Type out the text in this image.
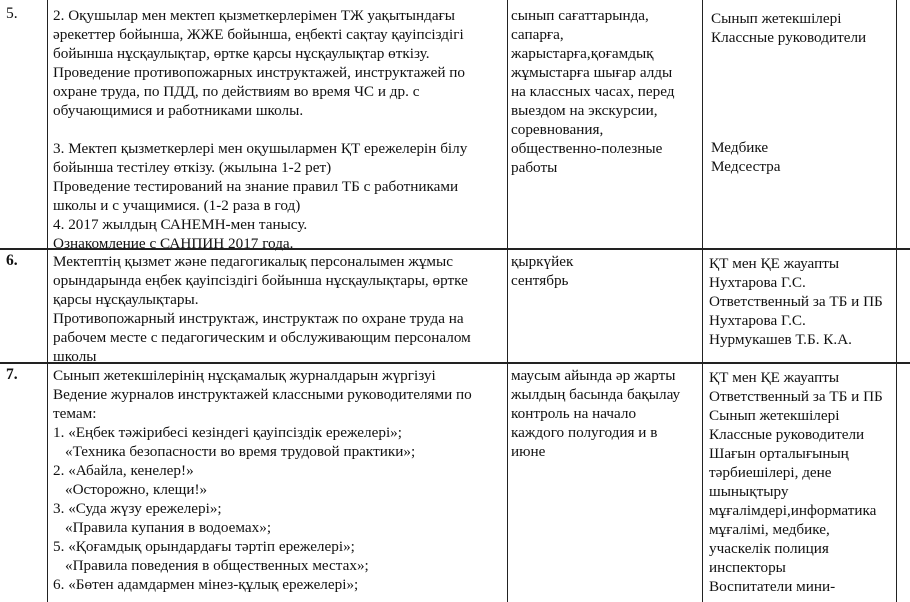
5. 2. Оқушылар мен мектеп қызметкерлерімен ТЖ уақытындағы
әрекеттер бойынша, ЖЖЕ бойынша, еңбекті сақтау қауіпсіздігі
бойынша нұсқаулықтар, өртке қарсы нұсқаулықтар өткізу.
Проведение противопожарных инструктажей, инструктажей по
охране труда, по ПДД, по действиям во время ЧС и др. с
обучающимися и работниками школы.
3. Мектеп қызметкерлері мен оқушылармен ҚТ ережелерін білу
бойынша тестілеу өткізу. (жылына 1-2 рет)
Проведение тестирований на знание правил ТБ с работниками
школы и с учащимися. (1-2 раза в год)
4. 2017 жылдың САНЕМН-мен танысу.
Ознакомление с САНПИН 2017 года.
сынып сағаттарында,
сапарға,
жарыстарға,қоғамдық
жұмыстарға шығар алды
на классных часах, перед
выездом на экскурсии,
соревнования,
общественно-полезные
работы
Сынып жетекшілері
Классные руководители
Медбике
Медсестра
6. Мектептің қызмет және педагогикалық персоналымен жұмыс
орындарында еңбек қауіпсіздігі бойынша нұсқаулықтары, өртке
қарсы нұсқаулықтары.
Противопожарный инструктаж, инструктаж по охране труда на
рабочем месте с педагогическим и обслуживающим персоналом
школы
қыркүйек
сентябрь
ҚТ мен ҚЕ жауапты
Нухтарова Г.С.
Ответственный за ТБ и ПБ
Нухтарова Г.С.
Нурмукашев Т.Б. К.А.
7. Сынып жетекшілерінің нұсқамалық журналдарын жүргізуі
Ведение журналов инструктажей классными руководителями по
темам:
1. «Еңбек тәжірибесі кезіндегі қауіпсіздік ережелері»;
«Техника безопасности во время трудовой практики»;
2. «Абайла, кенелер!»
«Осторожно, клещи!»
3. «Суда жүзу ережелері»;
«Правила купания в водоемах»;
5. «Қоғамдық орындардағы тәртіп ережелері»;
«Правила поведения в общественных местах»;
6. «Бөтен адамдармен мінез-құлық ережелері»;
маусым айында әр жарты
жылдың басында бақылау
контроль на начало
каждого полугодия и в
июне
ҚТ мен ҚЕ жауапты
Ответственный за ТБ и ПБ
Сынып жетекшілері
Классные руководители
Шағын орталығының
тәрбиешілері, дене
шынықтыру
мұғалімдері,информатика
мұғалімі, медбике,
учаскелік полиция
инспекторы
Воспитатели мини-
